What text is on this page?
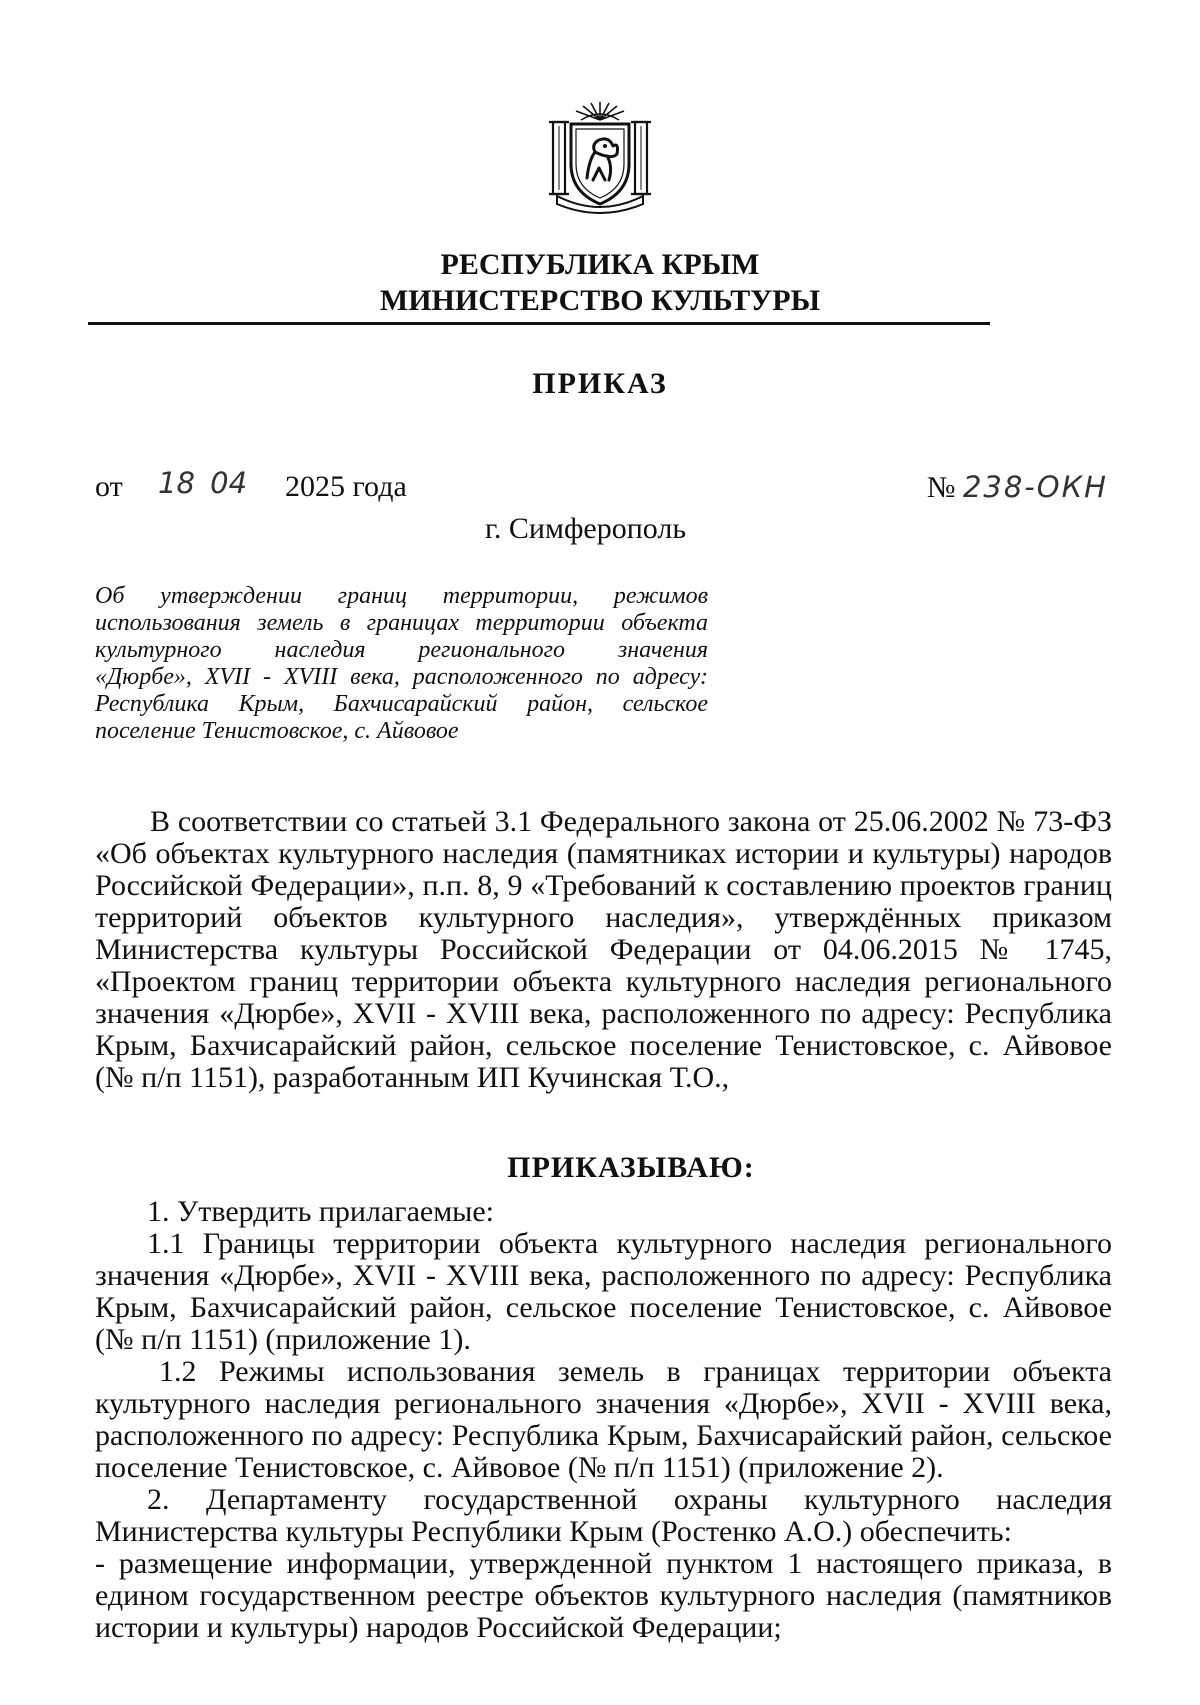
РЕСПУБЛИКА КРЫМ
МИНИСТЕРСТВО КУЛЬТУРЫ
ПРИКАЗ
от 18 04 2025 года	№ 238-ОКН
г. Симферополь
Об утверждении границ территории, режимов
использования земель в границах территории объекта
культурного наследия регионального значения
«Дюрбе», XVII - XVIII века, расположенного по адресу:
Республика Крым, Бахчисарайский район, сельское
поселение Тенистовское, с. Айвовое
В соответствии со статьей 3.1 Федерального закона от 25.06.2002 № 73-ФЗ «Об объектах культурного наследия (памятниках истории и культуры) народов Российской Федерации», п.п. 8, 9 «Требований к составлению проектов границ территорий объектов культурного наследия», утверждённых приказом Министерства культуры Российской Федерации от 04.06.2015 № 1745, «Проектом границ территории объекта культурного наследия регионального значения «Дюрбе», XVII - XVIII века, расположенного по адресу: Республика Крым, Бахчисарайский район, сельское поселение Тенистовское, с. Айвовое (№ п/п 1151), разработанным ИП Кучинская Т.О.,
ПРИКАЗЫВАЮ:
1. Утвердить прилагаемые:
1.1 Границы территории объекта культурного наследия регионального значения «Дюрбе», XVII - XVIII века, расположенного по адресу: Республика Крым, Бахчисарайский район, сельское поселение Тенистовское, с. Айвовое (№ п/п 1151) (приложение 1).
1.2 Режимы использования земель в границах территории объекта культурного наследия регионального значения «Дюрбе», XVII - XVIII века, расположенного по адресу: Республика Крым, Бахчисарайский район, сельское поселение Тенистовское, с. Айвовое (№ п/п 1151) (приложение 2).
2. Департаменту государственной охраны культурного наследия Министерства культуры Республики Крым (Ростенко А.О.) обеспечить:
- размещение информации, утвержденной пунктом 1 настоящего приказа, в едином государственном реестре объектов культурного наследия (памятников истории и культуры) народов Российской Федерации;
